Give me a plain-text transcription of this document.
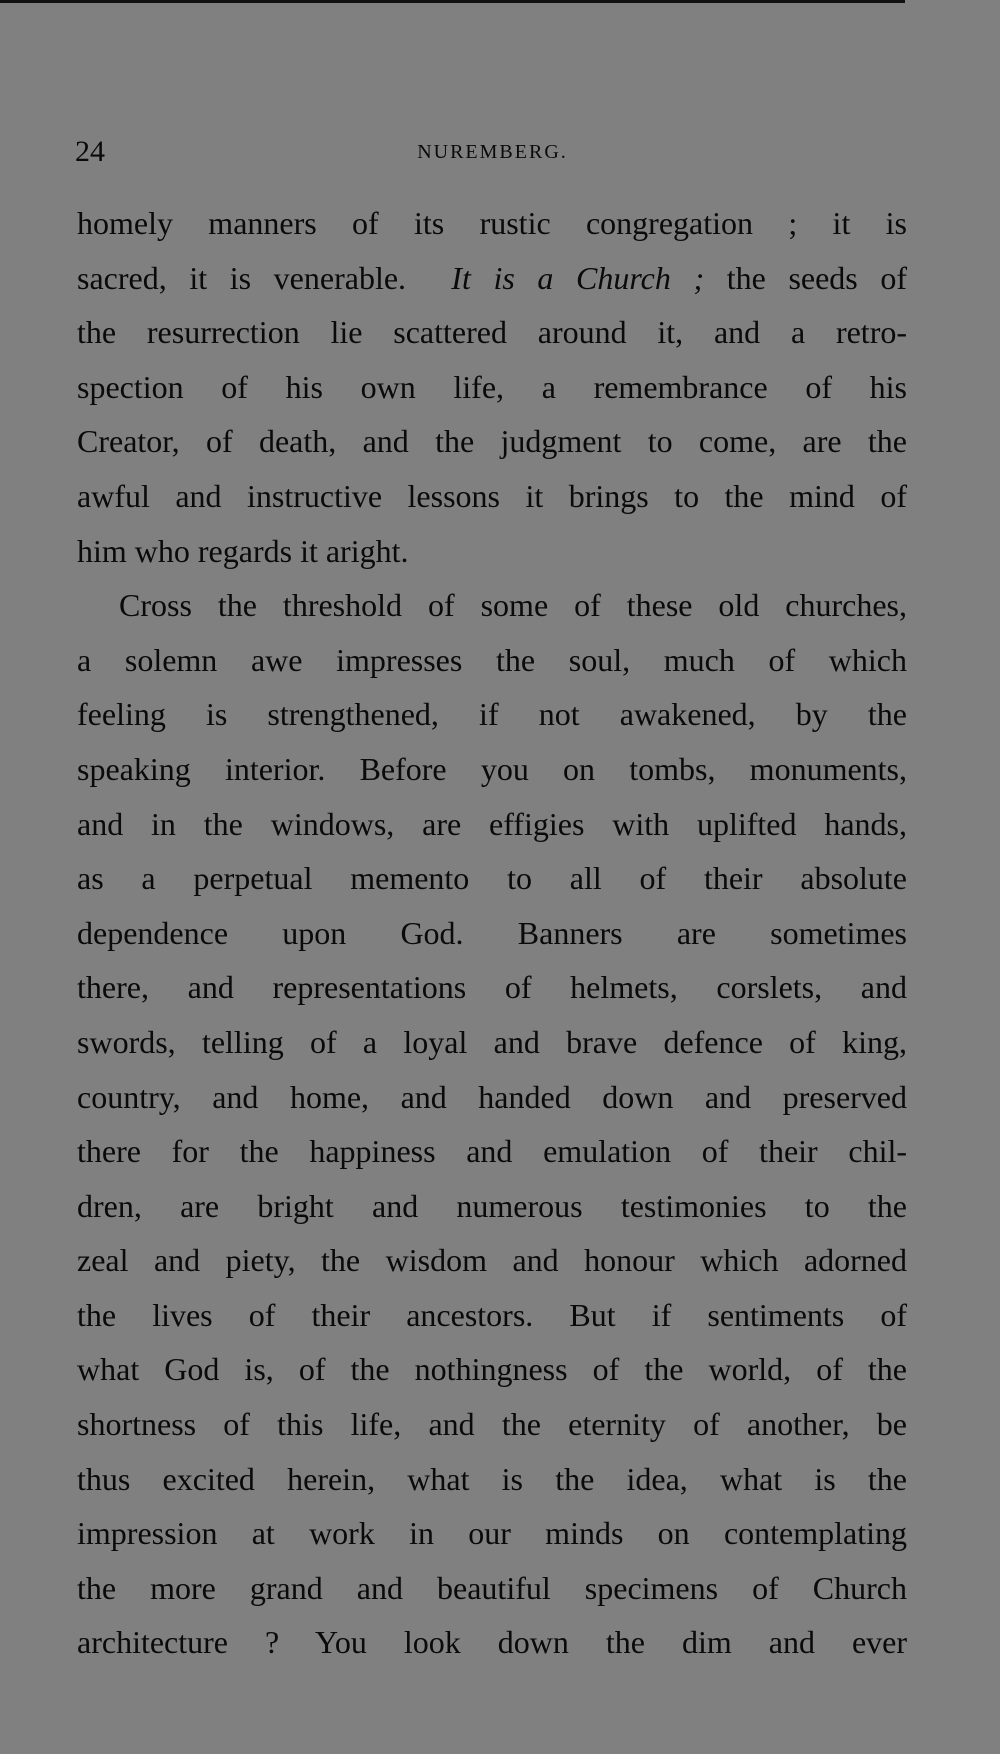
24	NUREMBERG.
homely manners of its rustic congregation ; it is
sacred, it is venerable. It is a Church ; the seeds of
the resurrection lie scattered around it, and a retro-
spection of his own life, a remembrance of his
Creator, of death, and the judgment to come, are the
awful and instructive lessons it brings to the mind of
him who regards it aright.
Cross the threshold of some of these old churches,
a solemn awe impresses the soul, much of which
feeling is strengthened, if not awakened, by the
speaking interior. Before you on tombs, monuments,
and in the windows, are effigies with uplifted hands,
as a perpetual memento to all of their absolute
dependence upon God. Banners are sometimes
there, and representations of helmets, corslets, and
swords, telling of a loyal and brave defence of king,
country, and home, and handed down and preserved
there for the happiness and emulation of their chil-
dren, are bright and numerous testimonies to the
zeal and piety, the wisdom and honour which adorned
the lives of their ancestors. But if sentiments of
what God is, of the nothingness of the world, of the
shortness of this life, and the eternity of another, be
thus excited herein, what is the idea, what is the
impression at work in our minds on contemplating
the more grand and beautiful specimens of Church
architecture ? You look down the dim and ever
